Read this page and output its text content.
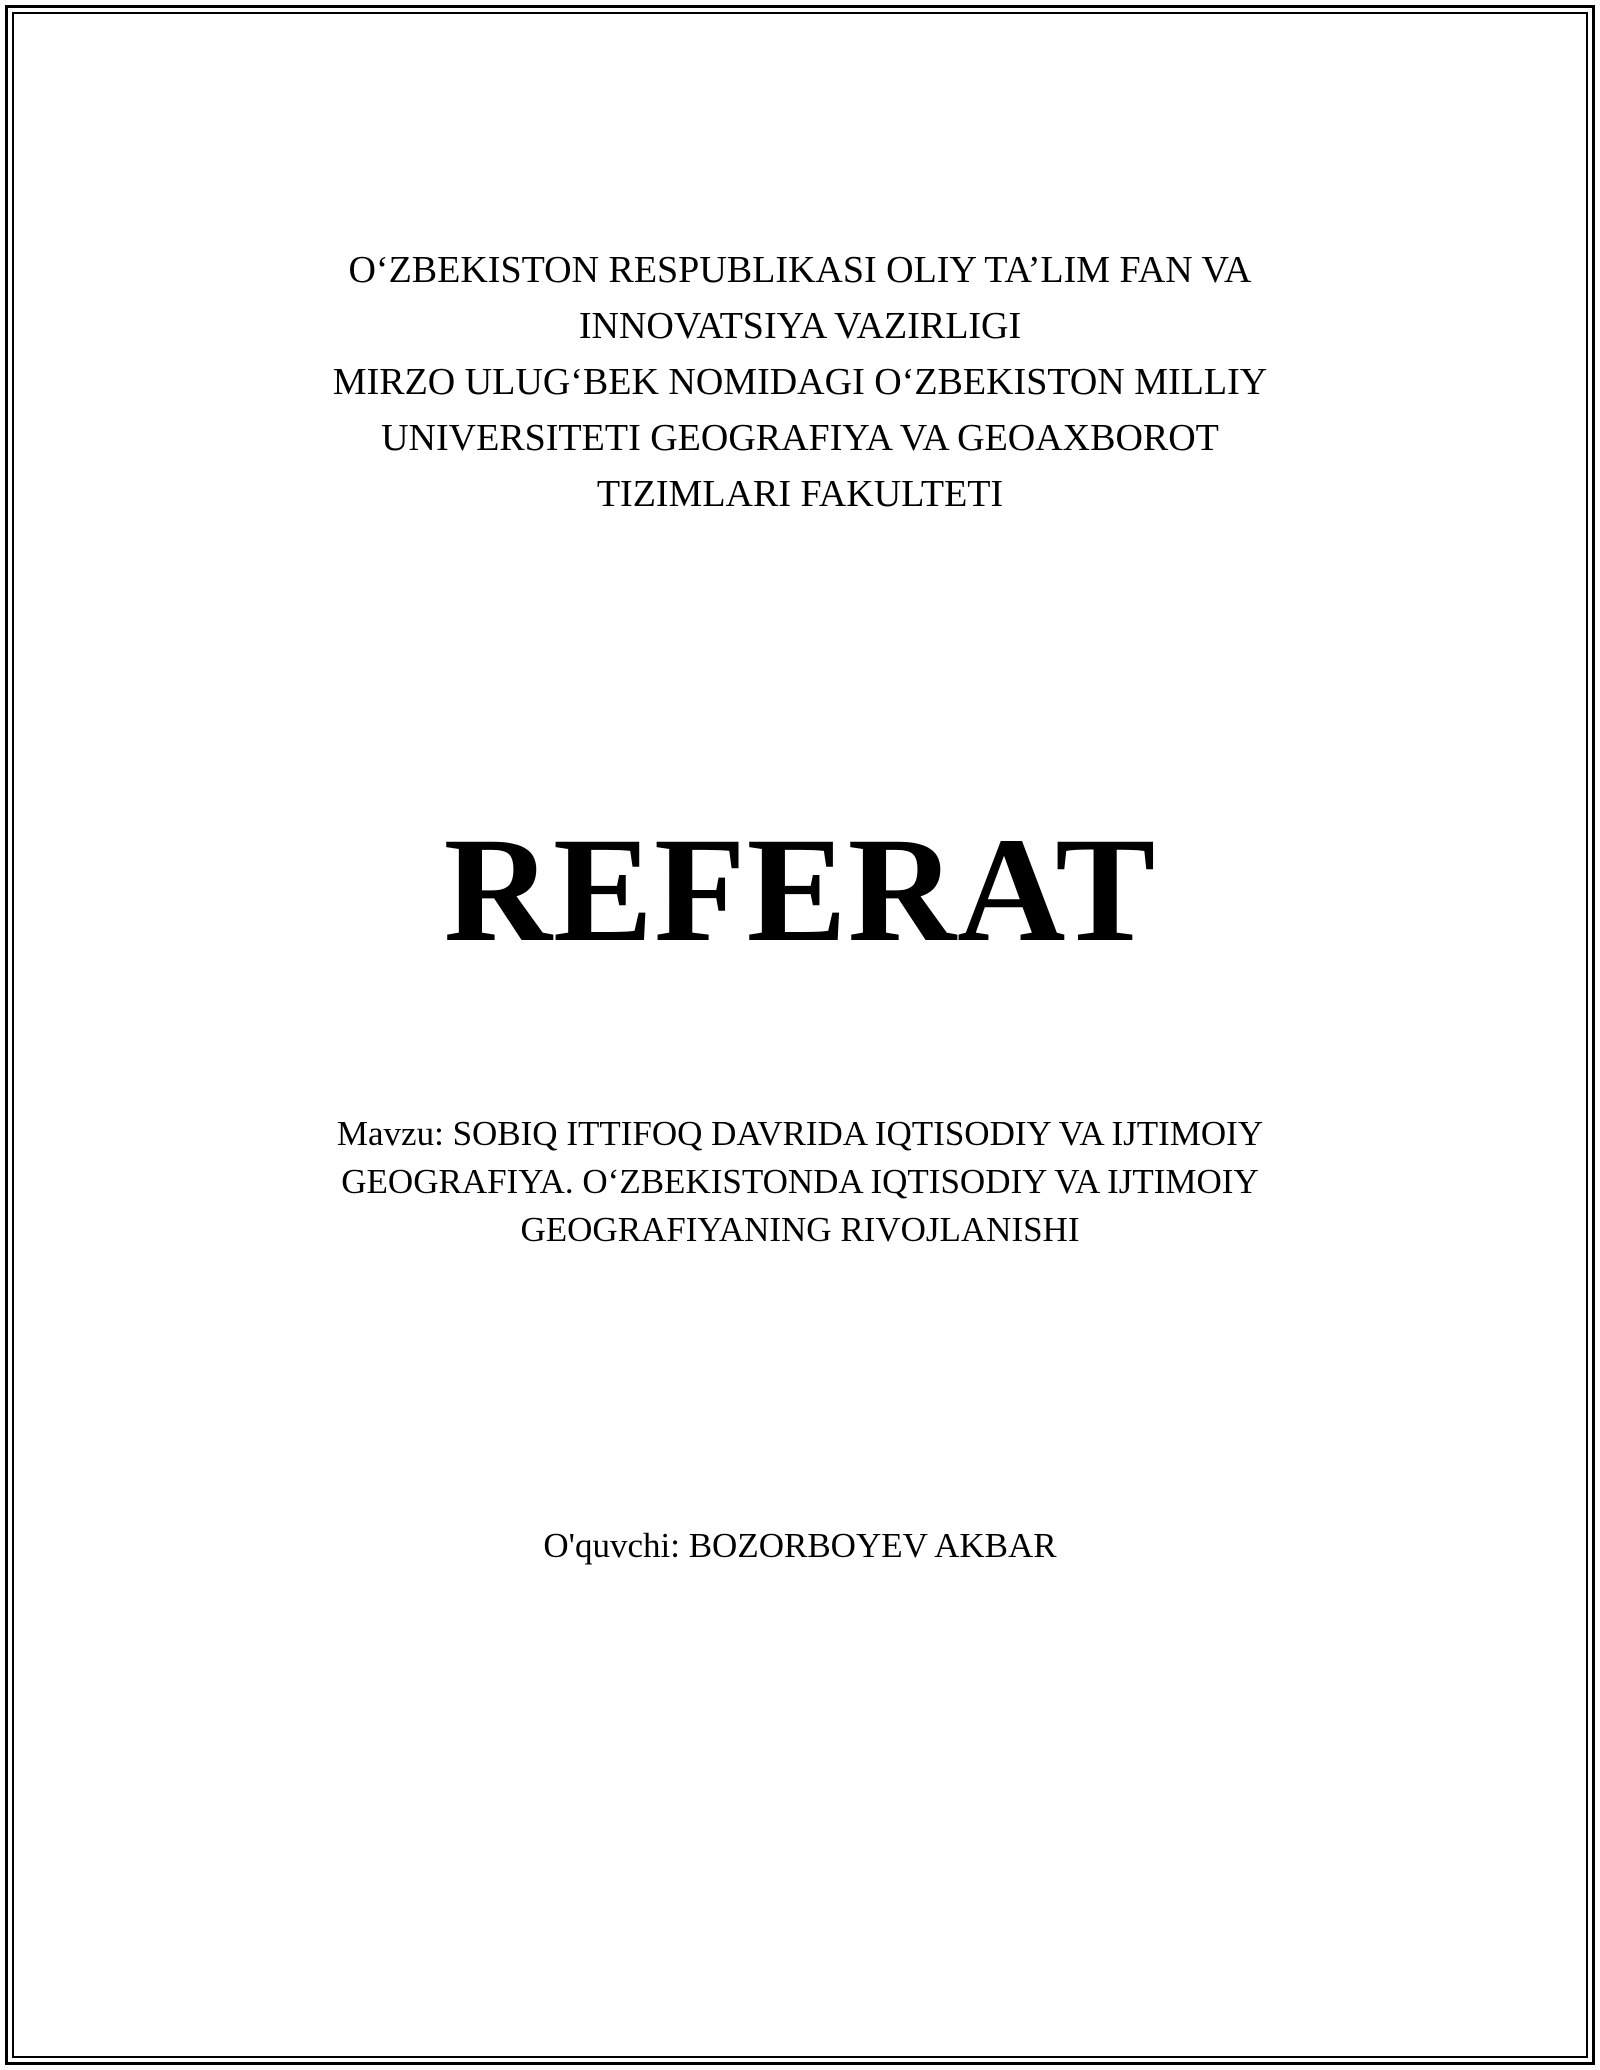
O‘ZBEKISTON RESPUBLIKASI OLIY TA’LIM FAN VA
INNOVATSIYA VAZIRLIGI
MIRZO ULUG‘BEK NOMIDAGI O‘ZBEKISTON MILLIY
UNIVERSITETI GEOGRAFIYA VA GEOAXBOROT
TIZIMLARI FAKULTETI
REFERAT
Mavzu: SOBIQ ITTIFOQ DAVRIDA IQTISODIY VA IJTIMOIY
GEOGRAFIYA. O‘ZBEKISTONDA IQTISODIY VA IJTIMOIY
GEOGRAFIYANING RIVOJLANISHI
O'quvchi: BOZORBOYEV AKBAR
